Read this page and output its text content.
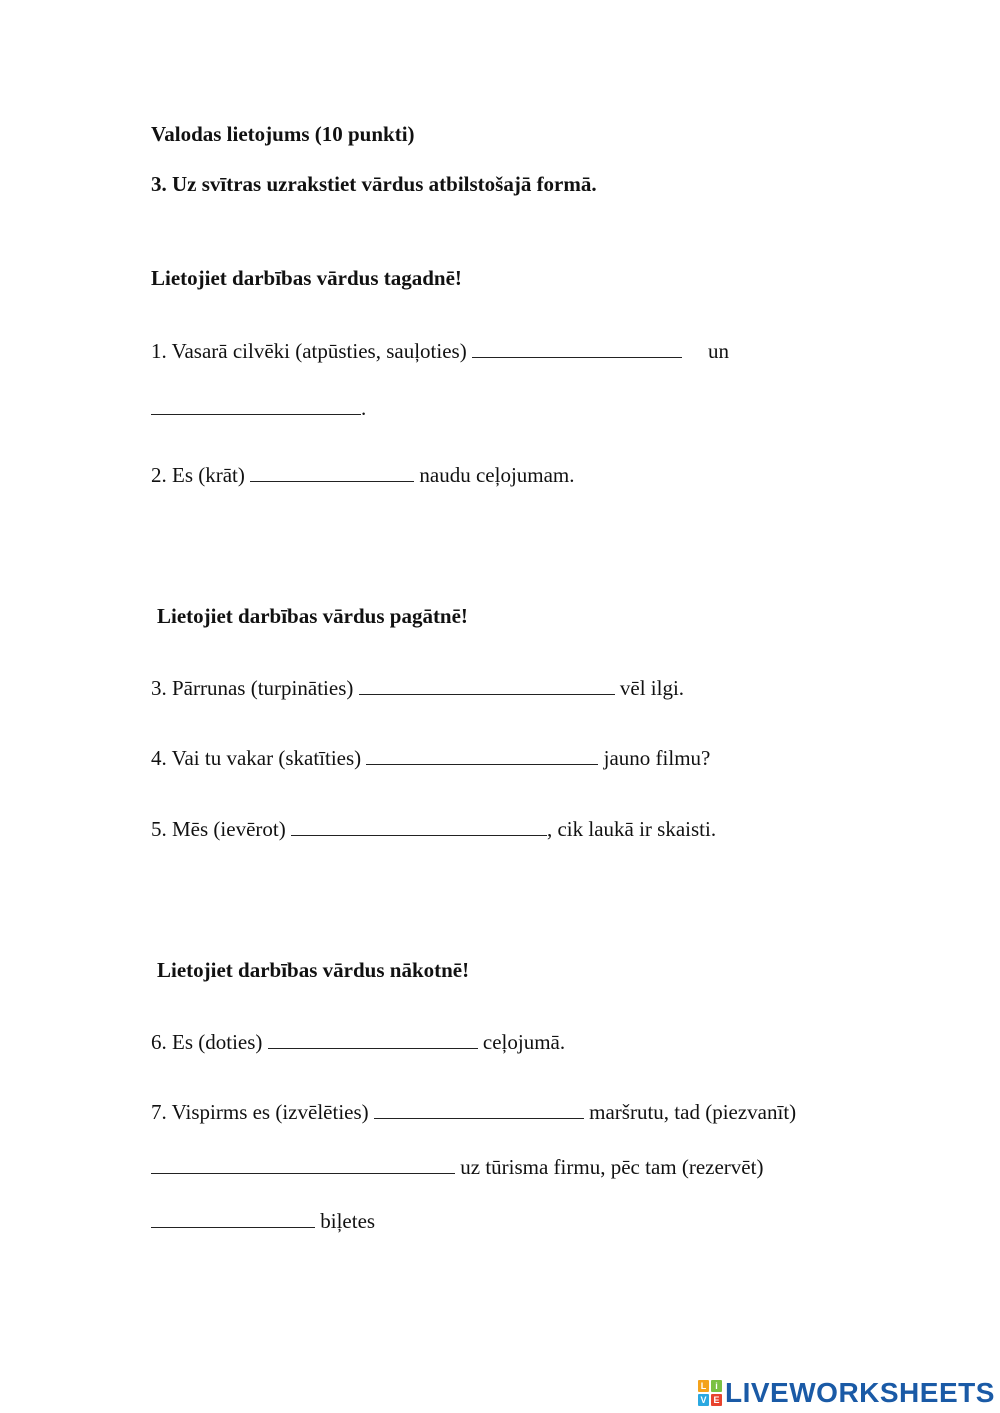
Valodas lietojums (10 punkti)
3. Uz svītras uzrakstiet vārdus atbilstošajā formā.
Lietojiet darbības vārdus tagadnē!
1. Vasarā cilvēki (atpūsties, sauļoties)	un
.
2. Es (krāt)	naudu ceļojumam.
Lietojiet darbības vārdus pagātnē!
3. Pārrunas (turpināties)	vēl ilgi.
4. Vai tu vakar (skatīties)	jauno filmu?
5. Mēs (ievērot)	, cik laukā ir skaisti.
Lietojiet darbības vārdus nākotnē!
6. Es (doties)	ceļojumā.
7. Vispirms es (izvēlēties)	maršrutu, tad (piezvanīt)
uz tūrisma firmu, pēc tam (rezervēt)
biļetes
L i
V E LIVEWORKSHEETS
